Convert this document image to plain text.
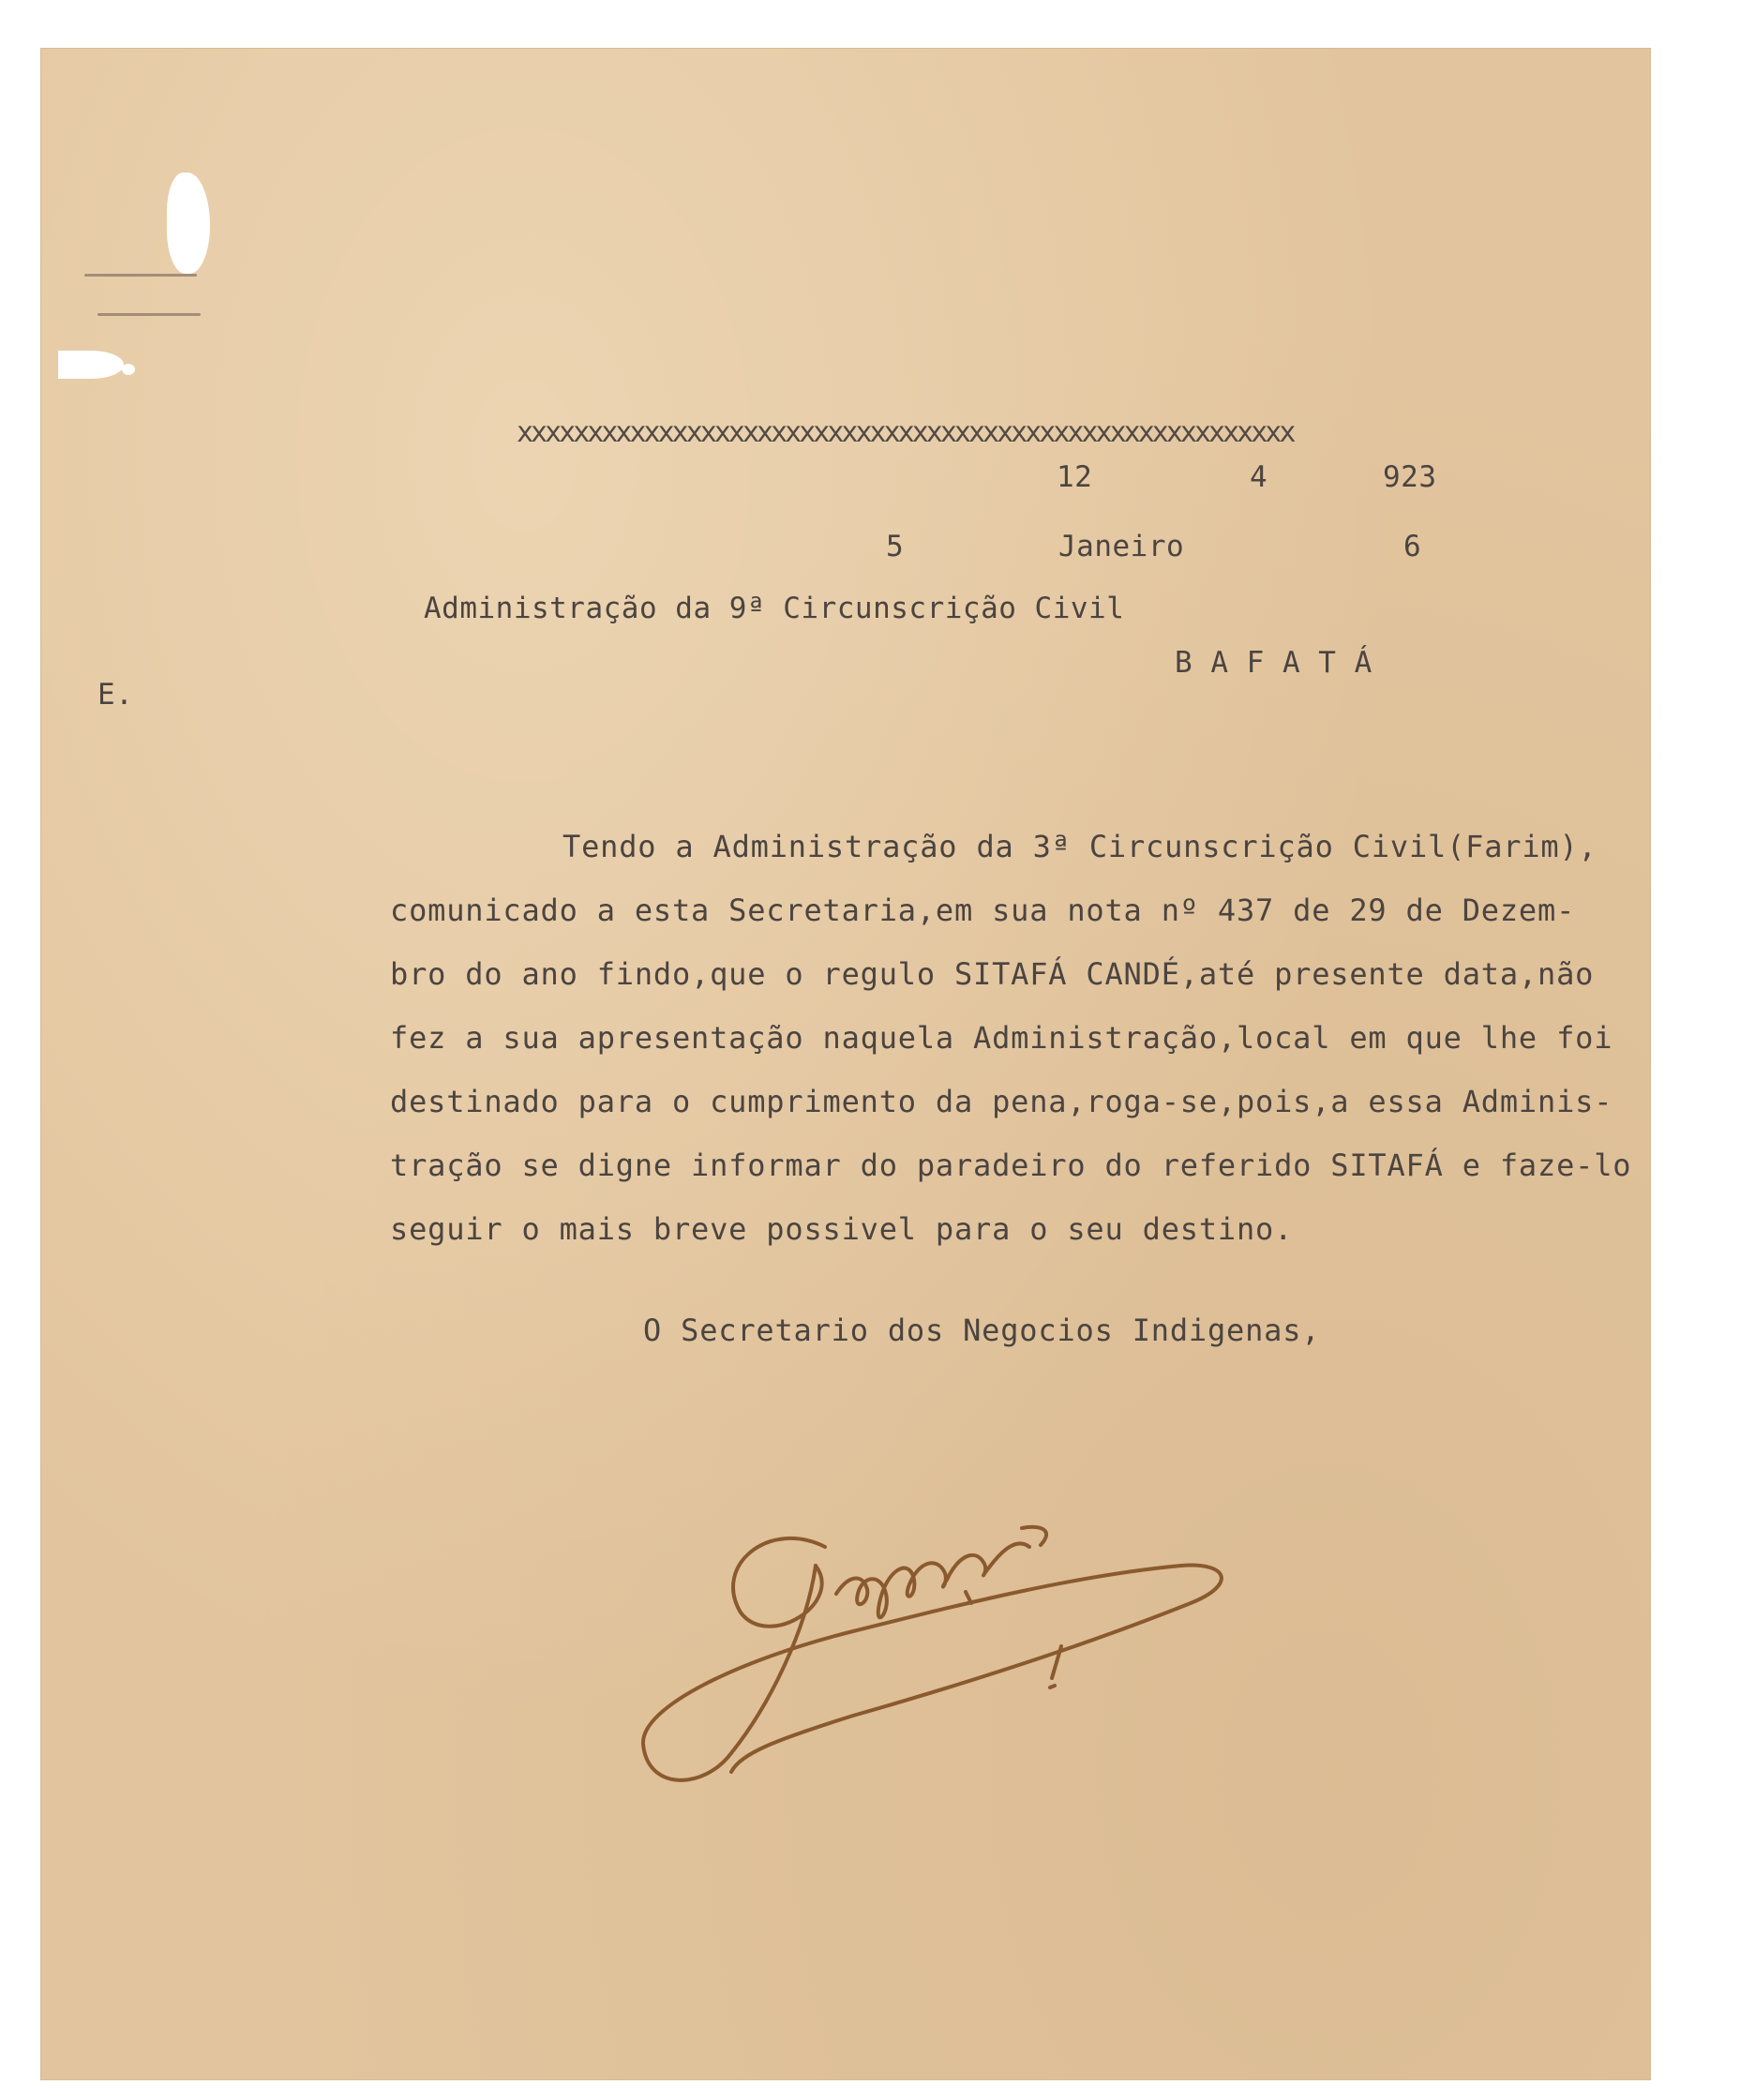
xxxxxxxxxxxxxxxxxxxxxxxxxxxxxxxxxxxxxxxxxxxxxxxxxxxxxxx
12	4	923
5	Janeiro	6
Administração da 9ª Circunscrição Civil
B A F A T Á
E.
Tendo a Administração da 3ª Circunscrição Civil(Farim),
comunicado a esta Secretaria,em sua nota nº 437 de 29 de Dezem-
bro do ano findo,que o regulo SITAFÁ CANDÉ,até presente data,não
fez a sua apresentação naquela Administração,local em que lhe foi
destinado para o cumprimento da pena,roga-se,pois,a essa Adminis-
tração se digne informar do paradeiro do referido SITAFÁ e faze-lo
seguir o mais breve possivel para o seu destino.
O Secretario dos Negocios Indigenas,
